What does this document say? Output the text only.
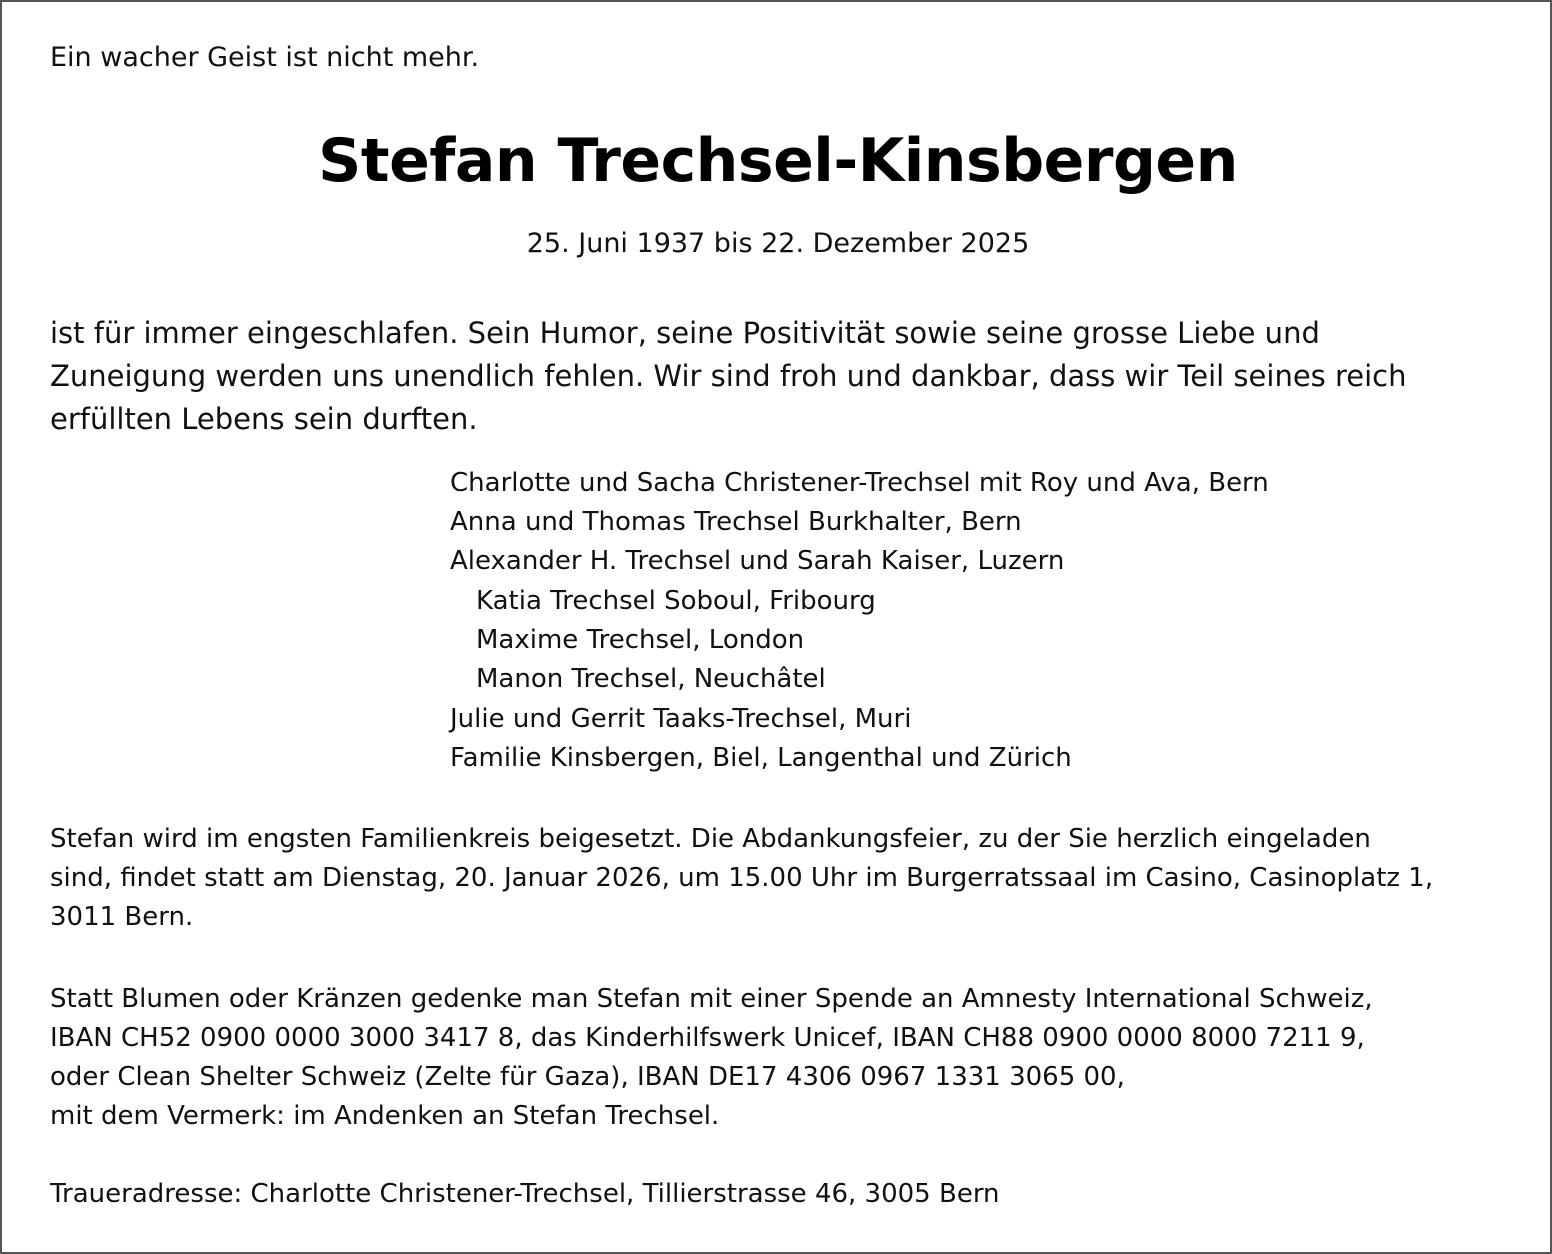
Ein wacher Geist ist nicht mehr.

Stefan Trechsel-Kinsbergen

25. Juni 1937 bis 22. Dezember 2025

ist für immer eingeschlafen. Sein Humor, seine Positivität sowie seine grosse Liebe und

Zuneigung werden uns unendlich fehlen. Wir sind froh und dankbar, dass wir Teil seines reich

erfüllten Lebens sein durften.

Charlotte und Sacha Christener-Trechsel mit Roy und Ava, Bern

Anna und Thomas Trechsel Burkhalter, Bern

Alexander H. Trechsel und Sarah Kaiser, Luzern

Katia Trechsel Soboul, Fribourg

Maxime Trechsel, London

Manon Trechsel, Neuchâtel

Julie und Gerrit Taaks-Trechsel, Muri

Familie Kinsbergen, Biel, Langenthal und Zürich

Stefan wird im engsten Familienkreis beigesetzt. Die Abdankungsfeier, zu der Sie herzlich eingeladen

sind, findet statt am Dienstag, 20. Januar 2026, um 15.00 Uhr im Burgerratssaal im Casino, Casinoplatz 1,

3011 Bern.

Statt Blumen oder Kränzen gedenke man Stefan mit einer Spende an Amnesty International Schweiz,

IBAN CH52 0900 0000 3000 3417 8, das Kinderhilfswerk Unicef, IBAN CH88 0900 0000 8000 7211 9,

oder Clean Shelter Schweiz (Zelte für Gaza), IBAN DE17 4306 0967 1331 3065 00,

mit dem Vermerk: im Andenken an Stefan Trechsel.

Traueradresse: Charlotte Christener-Trechsel, Tillierstrasse 46, 3005 Bern
